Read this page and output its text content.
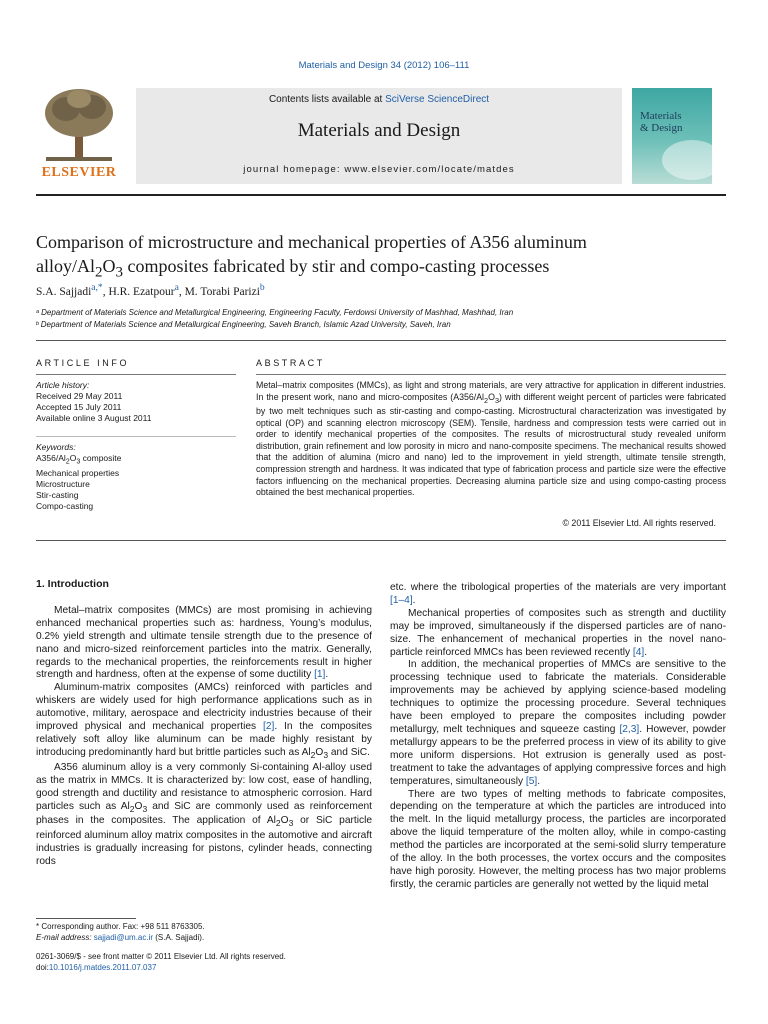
Materials and Design 34 (2012) 106–111
ELSEVIER
Contents lists available at SciVerse ScienceDirect
Materials and Design
journal homepage: www.elsevier.com/locate/matdes
Materials
& Design
Comparison of microstructure and mechanical properties of A356 aluminum
alloy/$Al_2O_3$ composites fabricated by stir and compo-casting processes
S.A. Sajjadi$^{a,*}$, H.R. Ezatpour$^a$, M. Torabi Parizi$^b$
ᵃ Department of Materials Science and Metallurgical Engineering, Engineering Faculty, Ferdowsi University of Mashhad, Mashhad, Iran
ᵇ Department of Materials Science and Metallurgical Engineering, Saveh Branch, Islamic Azad University, Saveh, Iran
ARTICLE INFO	ABSTRACT
Article history:
Received 29 May 2011
Accepted 15 July 2011
Available online 3 August 2011
Keywords:
$A356/Al_2O_3$ composite
Mechanical properties
Microstructure
Stir-casting
Compo-casting
Metal–matrix composites (MMCs), as light and strong materials, are very attractive for application in different industries. In the present work, nano and micro-composites $(A356/Al_2O_3)$ with different weight percent of particles were fabricated by two melt techniques such as stir-casting and compo-casting. Microstructural characterization was investigated by optical (OP) and scanning electron microscopy (SEM). Tensile, hardness and compression tests were carried out in order to identify mechanical properties of the composites. The results of microstructural study revealed uniform distribution, grain refinement and low porosity in micro and nano-composite specimens. The mechanical results showed that the addition of alumina (micro and nano) led to the improvement in yield strength, ultimate tensile strength, compression strength and hardness. It was indicated that type of fabrication process and particle size were the effective factors influencing on the mechanical properties. Decreasing alumina particle size and using compo-casting process obtained the best mechanical properties.
© 2011 Elsevier Ltd. All rights reserved.
1. Introduction

Metal–matrix composites (MMCs) are most promising in achieving enhanced mechanical properties such as: hardness, Young’s modulus, 0.2% yield strength and ultimate tensile strength due to the presence of nano and micro-sized reinforcement particles into the matrix. Generally, regards to the mechanical properties, the reinforcements result in higher strength and hardness, often at the expense of some ductility [1].

Aluminum-matrix composites (AMCs) reinforced with particles and whiskers are widely used for high performance applications such as in automotive, military, aerospace and electricity industries because of their improved physical and mechanical properties [2]. In the composites relatively soft alloy like aluminum can be made highly resistant by introducing predominantly hard but brittle particles such as $Al_2O_3$ and SiC.

A356 aluminum alloy is a very commonly Si-containing Al-alloy used as the matrix in MMCs. It is characterized by: low cost, ease of handling, good strength and ductility and resistance to atmospheric corrosion. Hard particles such as $Al_2O_3$ and SiC are commonly used as reinforcement phases in the composites. The application of $Al_2O_3$ or SiC particle reinforced aluminum alloy matrix composites in the automotive and aircraft industries is gradually increasing for pistons, cylinder heads, connecting rods

etc. where the tribological properties of the materials are very important [1–4].

Mechanical properties of composites such as strength and ductility may be improved, simultaneously if the dispersed particles are of nano-size. The enhancement of mechanical properties in the novel nano-particle reinforced MMCs has been reviewed recently [4].

In addition, the mechanical properties of MMCs are sensitive to the processing technique used to fabricate the materials. Considerable improvements may be achieved by applying science-based modeling techniques to optimize the processing procedure. Several techniques have been employed to prepare the composites including powder metallurgy, melt techniques and squeeze casting [2,3]. However, powder metallurgy appears to be the preferred process in view of its ability to give more uniform dispersions. Hot extrusion is generally used as post-treatment to take the advantages of applying compressive forces and high temperatures, simultaneously [5].

There are two types of melting methods to fabricate composites, depending on the temperature at which the particles are introduced into the melt. In the liquid metallurgy process, the particles are incorporated above the liquid temperature of the molten alloy, while in compo-casting method the particles are incorporated at the semi-solid slurry temperature of the alloy. In the both processes, the vortex occurs and the composites have high porosity. However, the melting process has two major problems firstly, the ceramic particles are generally not wetted by the liquid metal

* Corresponding author. Fax: +98 511 8763305.
E-mail address: sajjadi@um.ac.ir (S.A. Sajjadi).
0261-3069/$ - see front matter © 2011 Elsevier Ltd. All rights reserved.
doi:10.1016/j.matdes.2011.07.037
